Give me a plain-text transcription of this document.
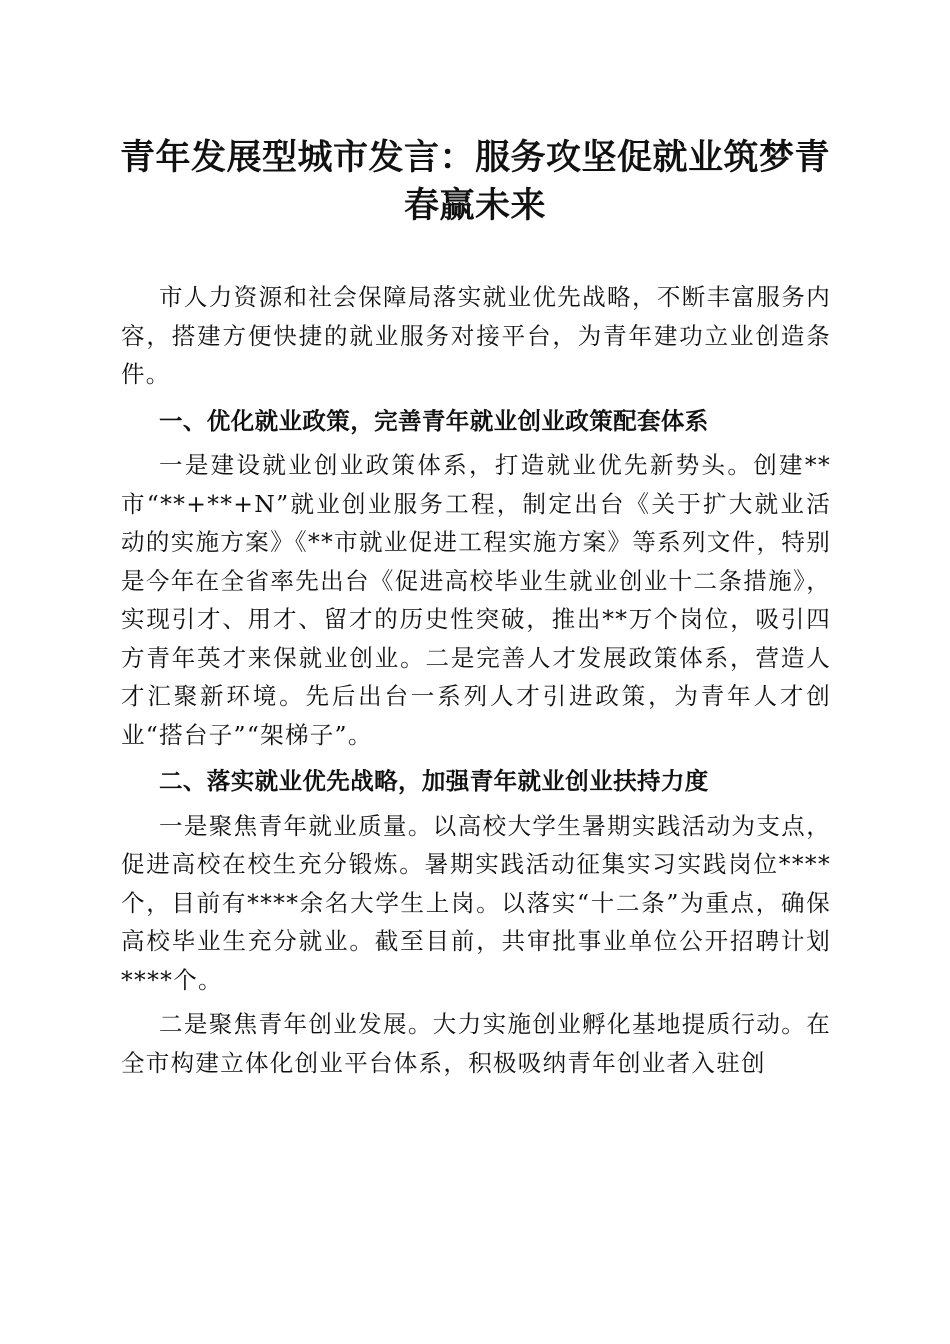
青年发展型城市发言：服务攻坚促就业筑梦青春赢未来

市人力资源和社会保障局落实就业优先战略，不断丰富服务内容，搭建方便快捷的就业服务对接平台，为青年建功立业创造条件。

一、优化就业政策，完善青年就业创业政策配套体系

一是建设就业创业政策体系，打造就业优先新势头。创建**市“**+**+N”就业创业服务工程，制定出台《关于扩大就业活动的实施方案》《**市就业促进工程实施方案》等系列文件，特别是今年在全省率先出台《促进高校毕业生就业创业十二条措施》，实现引才、用才、留才的历史性突破，推出**万个岗位，吸引四方青年英才来保就业创业。二是完善人才发展政策体系，营造人才汇聚新环境。先后出台一系列人才引进政策，为青年人才创业“搭台子”“架梯子”。

二、落实就业优先战略，加强青年就业创业扶持力度

一是聚焦青年就业质量。以高校大学生暑期实践活动为支点，促进高校在校生充分锻炼。暑期实践活动征集实习实践岗位****个，目前有****余名大学生上岗。以落实“十二条”为重点，确保高校毕业生充分就业。截至目前，共审批事业单位公开招聘计划****个。

二是聚焦青年创业发展。大力实施创业孵化基地提质行动。在全市构建立体化创业平台体系，积极吸纳青年创业者入驻创
